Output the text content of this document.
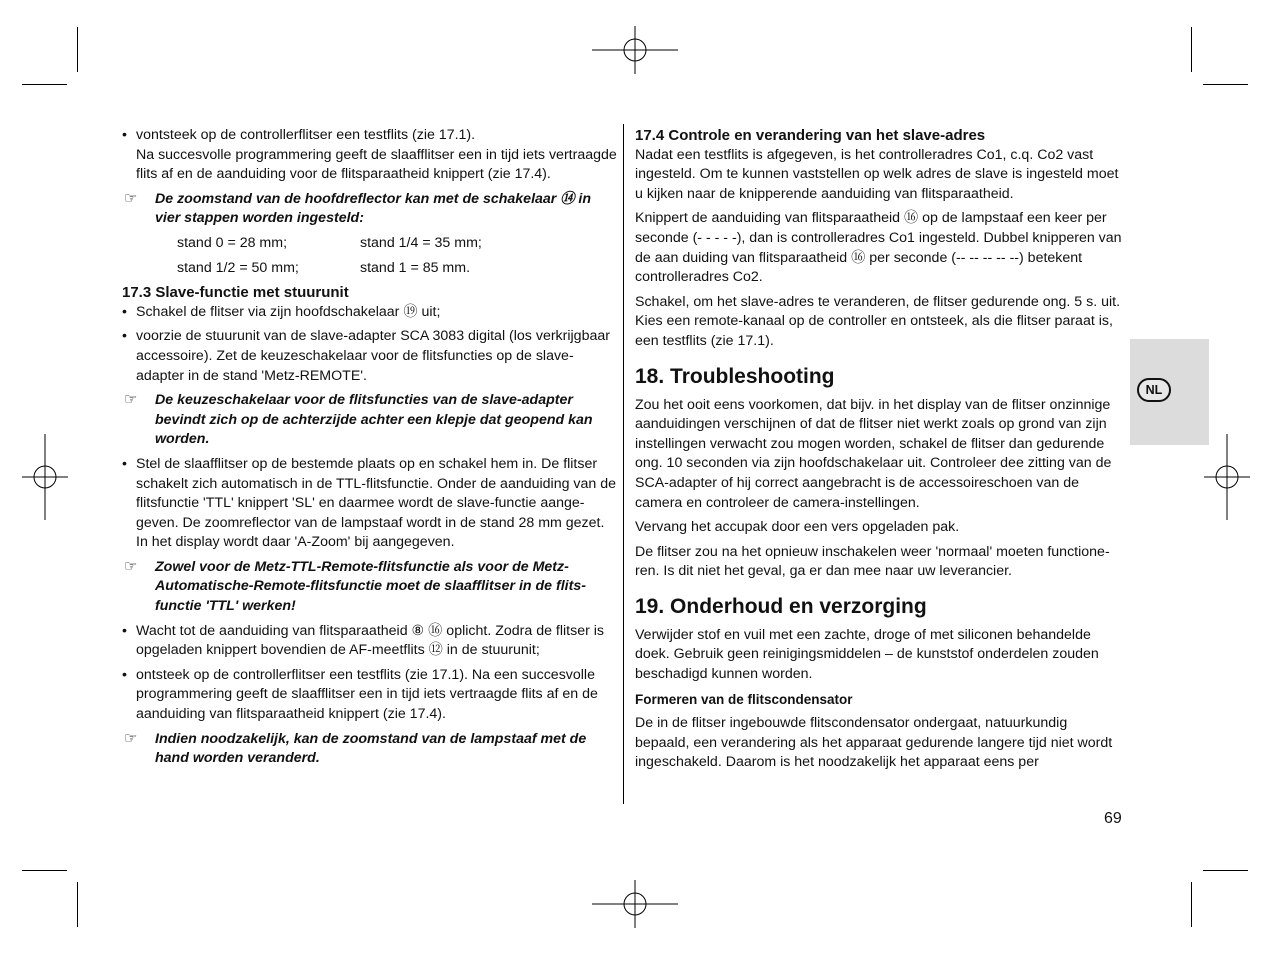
• vontsteek op de controllerflitser een testflits (zie 17.1).

Na succesvolle programmering geeft de slaafflitser een in tijd iets vertraagde flits af en de aanduiding voor de flitsparaatheid knippert (zie 17.4).

☞ De zoomstand van de hoofdreflector kan met de schakelaar ⑭ in vier stappen worden ingesteld:

stand 0 = 28 mm;	stand 1/4 = 35 mm;
stand 1/2 = 50 mm;	stand 1 = 85 mm.

17.3 Slave-functie met stuurunit

• Schakel de flitser via zijn hoofdschakelaar ⑲ uit;

• voorzie de stuurunit van de slave-adapter SCA 3083 digital (los verkrijgbaar accessoire). Zet de keuzeschakelaar voor de flitsfuncties op de slave-adapter in de stand 'Metz-REMOTE'.

☞ De keuzeschakelaar voor de flitsfuncties van de slave-adapter bevindt zich op de achterzijde achter een klepje dat geopend kan worden.

• Stel de slaafflitser op de bestemde plaats op en schakel hem in. De flitser schakelt zich automatisch in de TTL-flitsfunctie. Onder de aanduiding van de flitsfunctie 'TTL' knippert 'SL' en daarmee wordt de slave-functie aangegeven. De zoomreflector van de lampstaaf wordt in de stand 28 mm gezet. In het display wordt daar 'A-Zoom' bij aangegeven.

☞ Zowel voor de Metz-TTL-Remote-flitsfunctie als voor de Metz-Automatische-Remote-flitsfunctie moet de slaafflitser in de flitsfunctie 'TTL' werken!

• Wacht tot de aanduiding van flitsparaatheid ⑧ ⑯ oplicht. Zodra de flitser is opgeladen knippert bovendien de AF-meetflits ⑫ in de stuurunit;

• ontsteek op de controllerflitser een testflits (zie 17.1). Na een succesvolle programmering geeft de slaafflitser een in tijd iets vertraagde flits af en de aanduiding van flitsparaatheid knippert (zie 17.4).

☞ Indien noodzakelijk, kan de zoomstand van de lampstaaf met de hand worden veranderd.

17.4 Controle en verandering van het slave-adres

Nadat een testflits is afgegeven, is het controlleradres Co1, c.q. Co2 vast ingesteld. Om te kunnen vaststellen op welk adres de slave is ingesteld moet u kijken naar de knipperende aanduiding van flitsparaatheid.

Knippert de aanduiding van flitsparaatheid ⑯ op de lampstaaf een keer per seconde (- - - - -), dan is controlleradres Co1 ingesteld. Dubbel knipperen van de aan duiding van flitsparaatheid ⑯ per seconde (-- -- -- -- --) betekent controlleradres Co2.

Schakel, om het slave-adres te veranderen, de flitser gedurende ong. 5 s. uit. Kies een remote-kanaal op de controller en ontsteek, als die flitser paraat is, een testflits (zie 17.1).

18. Troubleshooting

Zou het ooit eens voorkomen, dat bijv. in het display van de flitser onzinnige aanduidingen verschijnen of dat de flitser niet werkt zoals op grond van zijn instellingen verwacht zou mogen worden, schakel de flitser dan gedurende ong. 10 seconden via zijn hoofdschakelaar uit. Controleer dee zitting van de SCA-adapter of hij correct aangebracht is de accessoireschoen van de camera en controleer de camera-instellingen.

Vervang het accupak door een vers opgeladen pak.

De flitser zou na het opnieuw inschakelen weer 'normaal' moeten functioneren. Is dit niet het geval, ga er dan mee naar uw leverancier.

19. Onderhoud en verzorging

Verwijder stof en vuil met een zachte, droge of met siliconen behandelde doek. Gebruik geen reinigingsmiddelen – de kunststof onderdelen zouden beschadigd kunnen worden.

Formeren van de flitscondensator

De in de flitser ingebouwde flitscondensator ondergaat, natuurkundig bepaald, een verandering als het apparaat gedurende langere tijd niet wordt ingeschakeld. Daarom is het noodzakelijk het apparaat eens per

NL
69
